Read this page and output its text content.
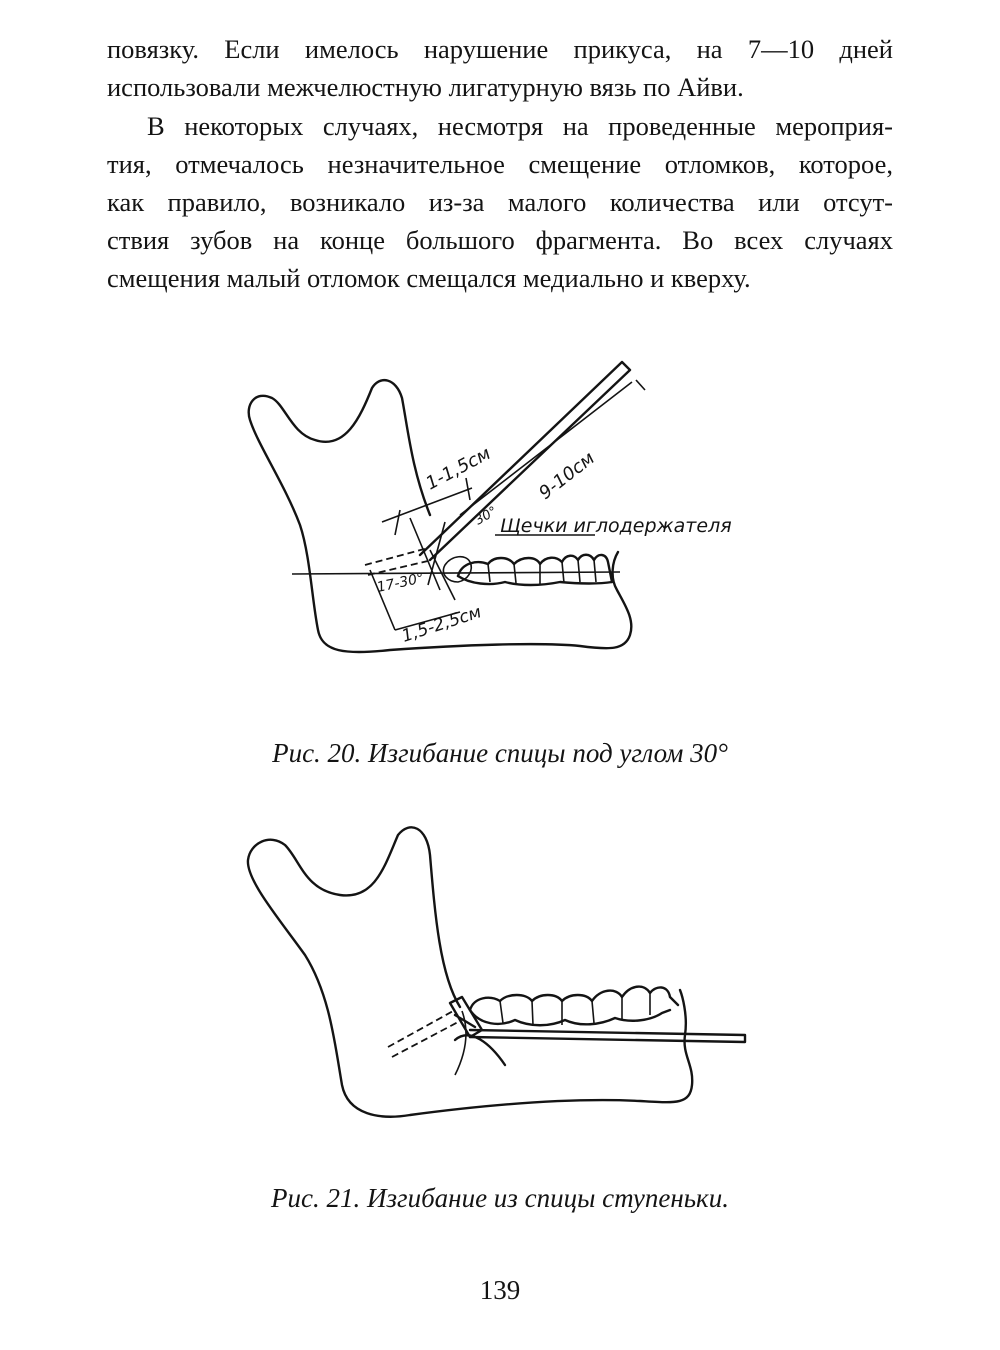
повязку. Если имелось нарушение прикуса, на 7—10 дней
использовали межчелюстную лигатурную вязь по Айви.
В некоторых случаях, несмотря на проведенные мероприя-
тия, отмечалось незначительное смещение отломков, которое,
как правило, возникало из-за малого количества или отсут-
ствия зубов на конце большого фрагмента. Во всех случаях
смещения малый отломок смещался медиально и кверху.
1-1,5см 9-10см
30°
17-30°
1,5-2,5см
Щечки иглодержателя
Рис. 20. Изгибание спицы под углом 30°
Рис. 21. Изгибание из спицы ступеньки.
139
